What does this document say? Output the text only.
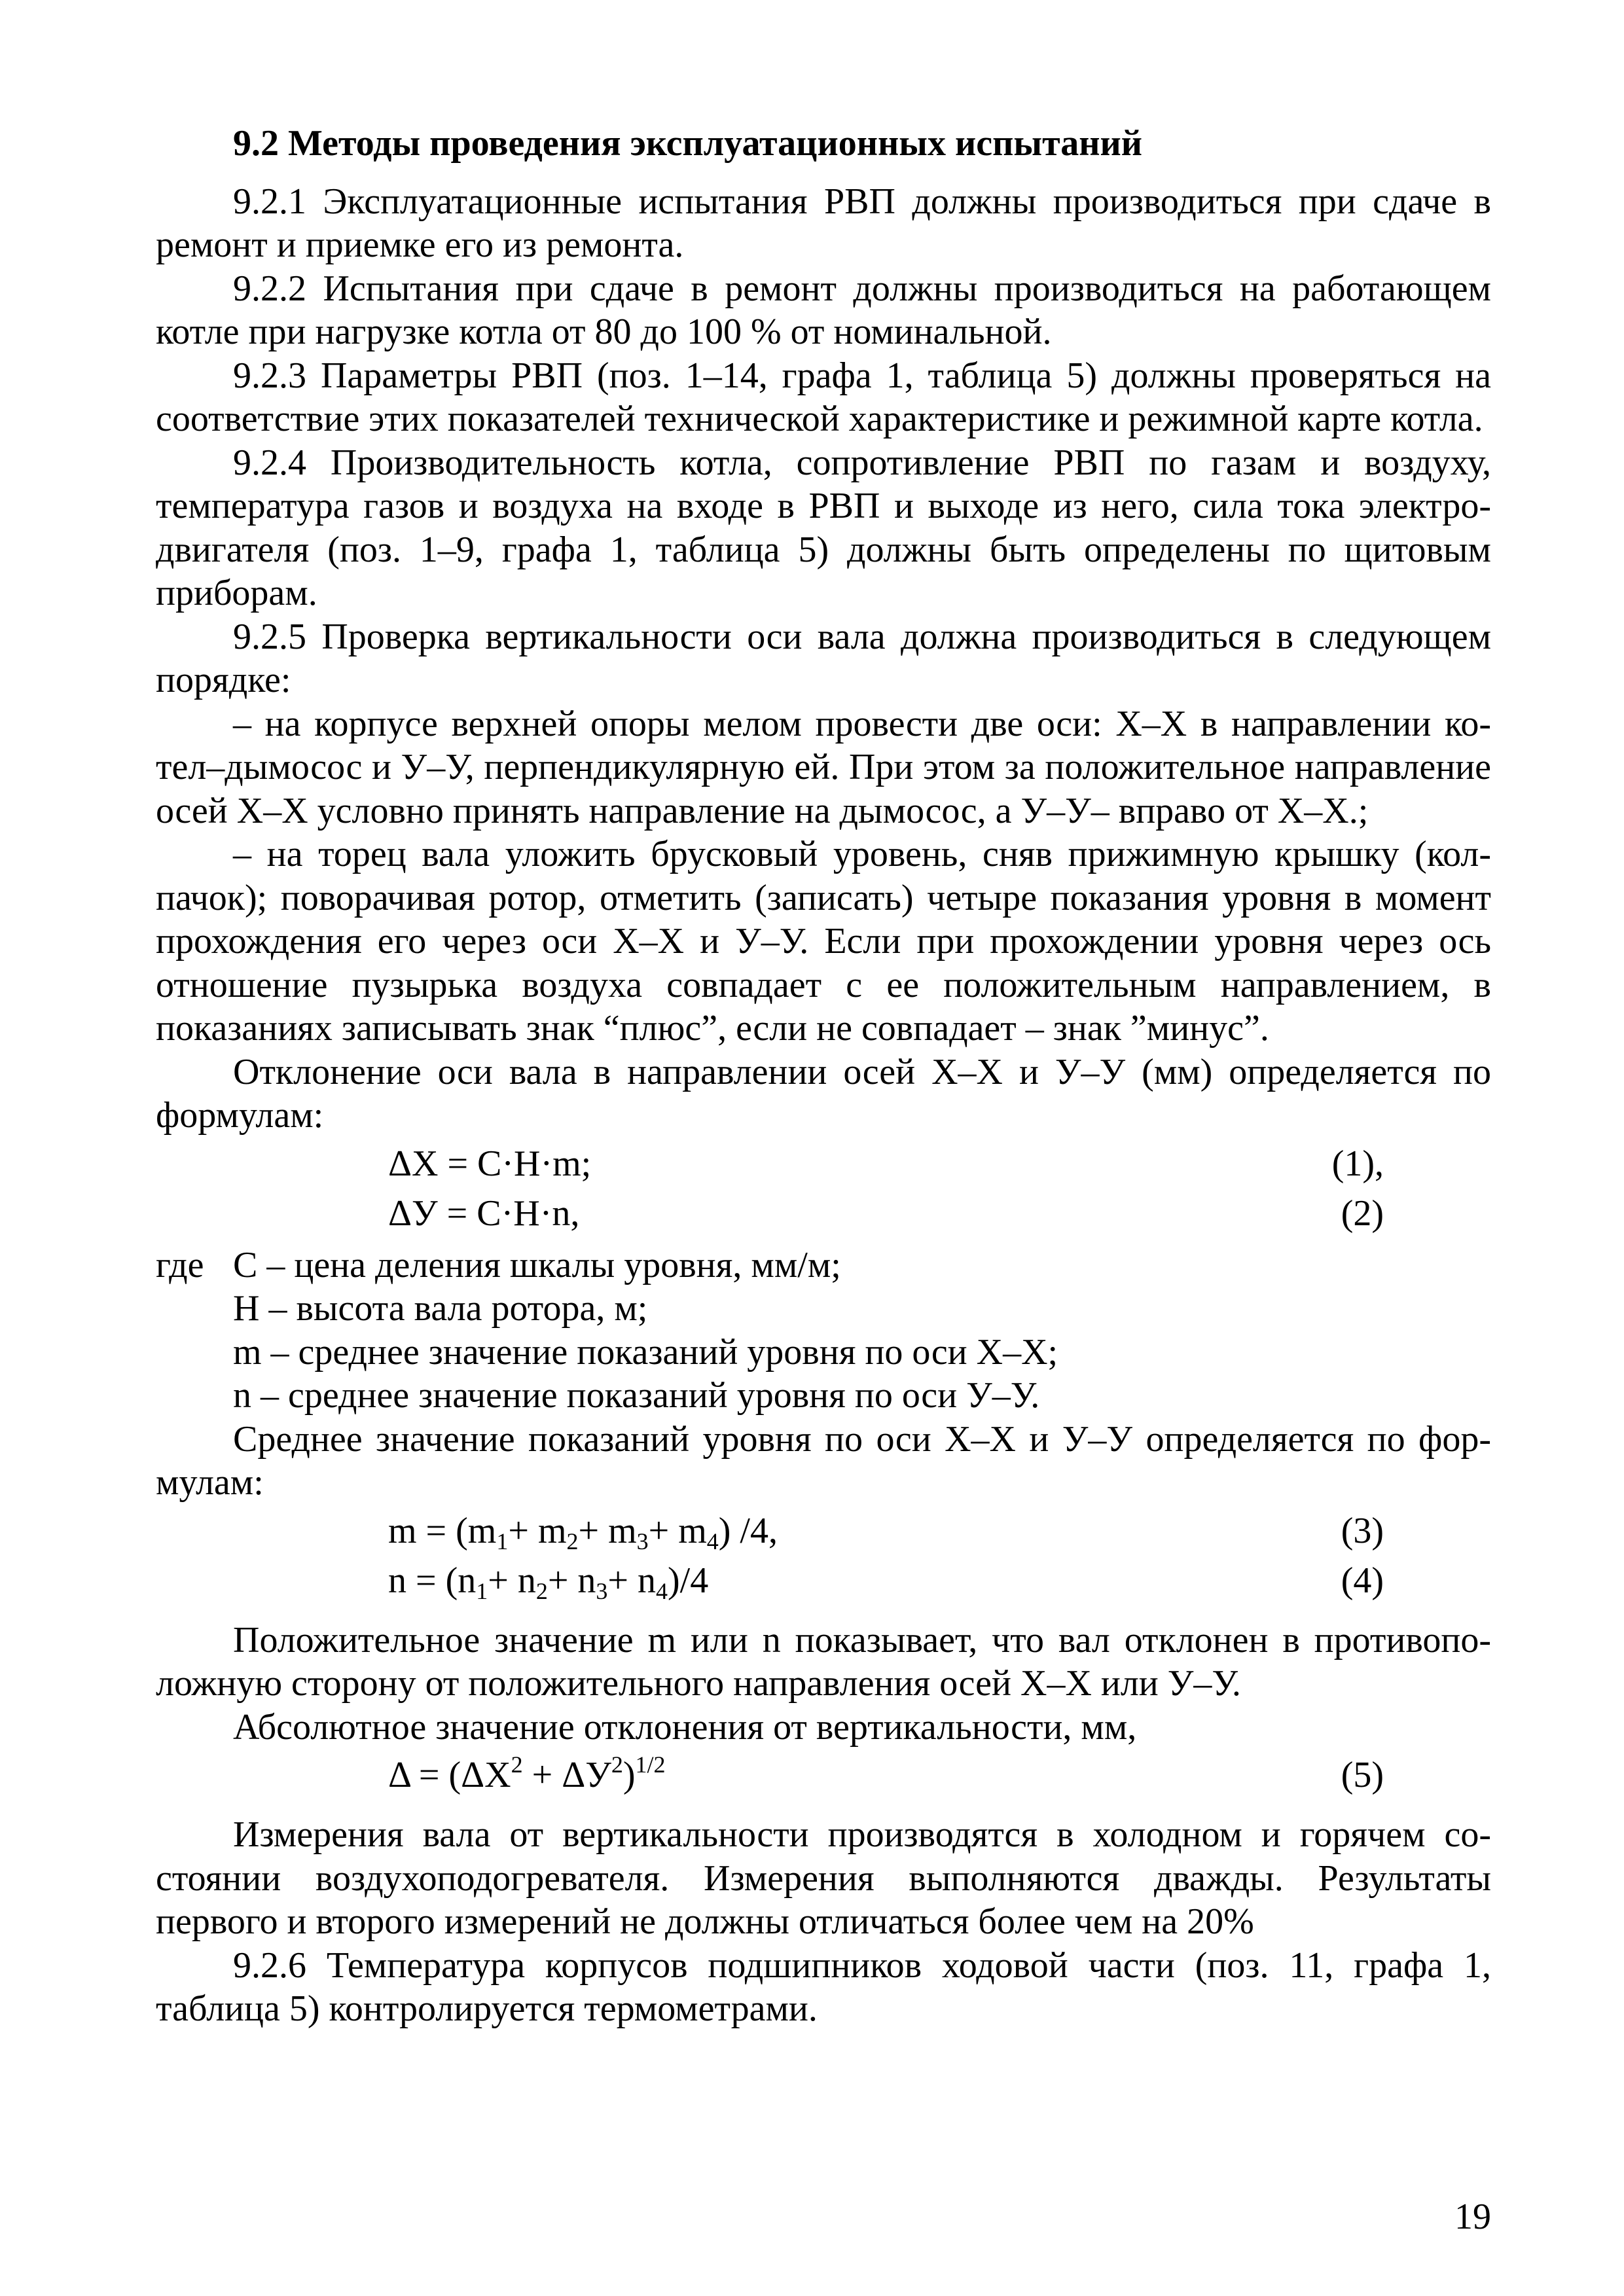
9.2 Методы проведения эксплуатационных испытаний

9.2.1 Эксплуатационные испытания РВП должны производиться при сдаче в ремонт и приемке его из ремонта.

9.2.2 Испытания при сдаче в ремонт должны производиться на работающем котле при нагрузке котла от 80 до 100 % от номинальной.

9.2.3 Параметры РВП (поз. 1–14, графа 1, таблица 5) должны проверяться на соответствие этих показателей технической характеристике и режимной карте котла.

9.2.4 Производительность котла, сопротивление РВП по газам и воздуху, температура газов и воздуха на входе в РВП и выходе из него, сила тока электродвигателя (поз. 1–9, графа 1, таблица 5) должны быть определены по щитовым приборам.

9.2.5 Проверка вертикальности оси вала должна производиться в следующем порядке:

– на корпусе верхней опоры мелом провести две оси: Х–Х в направлении котел–дымосос и У–У, перпендикулярную ей. При этом за положительное направление осей Х–Х условно принять направление на дымосос, а У–У– вправо от Х–Х.;

– на торец вала уложить брусковый уровень, сняв прижимную крышку (колпачок); поворачивая ротор, отметить (записать) четыре показания уровня в момент прохождения его через оси Х–Х и У–У. Если при прохождении уровня через ось отношение пузырька воздуха совпадает с ее положительным направлением, в показаниях записывать знак “плюс”, если не совпадает – знак ”минус”.

Отклонение оси вала в направлении осей Х–Х и У–У (мм) определяется по формулам:

ΔХ = С·Н·m;	(1),
ΔУ = С·Н·n,	(2)
где С – цена деления шкалы уровня, мм/м;
Н – высота вала ротора, м;
m – среднее значение показаний уровня по оси Х–Х;
n – среднее значение показаний уровня по оси У–У.

Среднее значение показаний уровня по оси Х–Х и У–У определяется по формулам:

$m = (m_1+ m_2+ m_3+ m_4)$ /4,	(3)
$n = (n_1+ n_2+ n_3+ n_4)/4$	(4)

Положительное значение m или n показывает, что вал отклонен в противоположную сторону от положительного направления осей Х–Х или У–У.

Абсолютное значение отклонения от вертикальности, мм,

$\Delta = (\Delta Х^2 + \Delta У^2)^{1/2}$	(5)

Измерения вала от вертикальности производятся в холодном и горячем состоянии воздухоподогревателя. Измерения выполняются дважды. Результаты первого и второго измерений не должны отличаться более чем на 20%

9.2.6 Температура корпусов подшипников ходовой части (поз. 11, графа 1, таблица 5) контролируется термометрами.

19
